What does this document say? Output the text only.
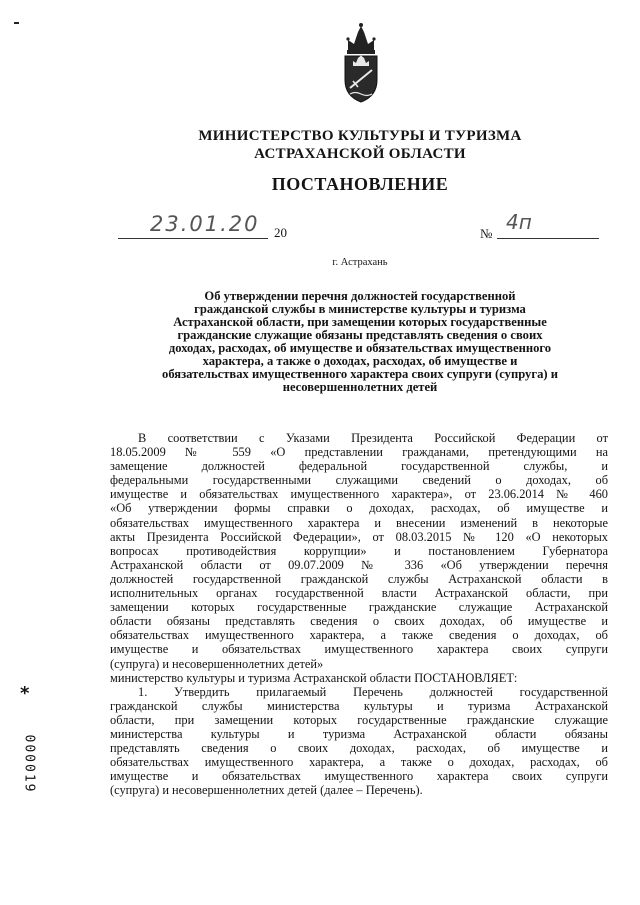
МИНИСТЕРСТВО КУЛЬТУРЫ И ТУРИЗМА
АСТРАХАНСКОЙ ОБЛАСТИ
ПОСТАНОВЛЕНИЕ
23.01.20 20	№ 4п
г. Астрахань
Об утверждении перечня должностей государственной
гражданской службы в министерстве культуры и туризма
Астраханской области, при замещении которых государственные
гражданские служащие обязаны представлять сведения о своих
доходах, расходах, об имуществе и обязательствах имущественного
характера, а также о доходах, расходах, об имуществе и
обязательствах имущественного характера своих супруги (супруга) и
несовершеннолетних детей
В соответствии с Указами Президента Российской Федерации от
18.05.2009 № 559 «О представлении гражданами, претендующими на
замещение должностей федеральной государственной службы, и
федеральными государственными служащими сведений о доходах, об
имуществе и обязательствах имущественного характера», от 23.06.2014 № 460
«Об утверждении формы справки о доходах, расходах, об имуществе и
обязательствах имущественного характера и внесении изменений в некоторые
акты Президента Российской Федерации», от 08.03.2015 № 120 «О некоторых
вопросах противодействия коррупции» и постановлением Губернатора
Астраханской области от 09.07.2009 № 336 «Об утверждении перечня
должностей государственной гражданской службы Астраханской области в
исполнительных органах государственной власти Астраханской области, при
замещении которых государственные гражданские служащие Астраханской
области обязаны представлять сведения о своих доходах, об имуществе и
обязательствах имущественного характера, а также сведения о доходах, об
имуществе и обязательствах имущественного характера своих супруги
(супруга) и несовершеннолетних детей»
министерство культуры и туризма Астраханской области ПОСТАНОВЛЯЕТ:
1. Утвердить прилагаемый Перечень должностей государственной
гражданской службы министерства культуры и туризма Астраханской
области, при замещении которых государственные гражданские служащие
министерства культуры и туризма Астраханской области обязаны
представлять сведения о своих доходах, расходах, об имуществе и
обязательствах имущественного характера, а также о доходах, расходах, об
имуществе и обязательствах имущественного характера своих супруги
(супруга) и несовершеннолетних детей (далее – Перечень).
*
000019
